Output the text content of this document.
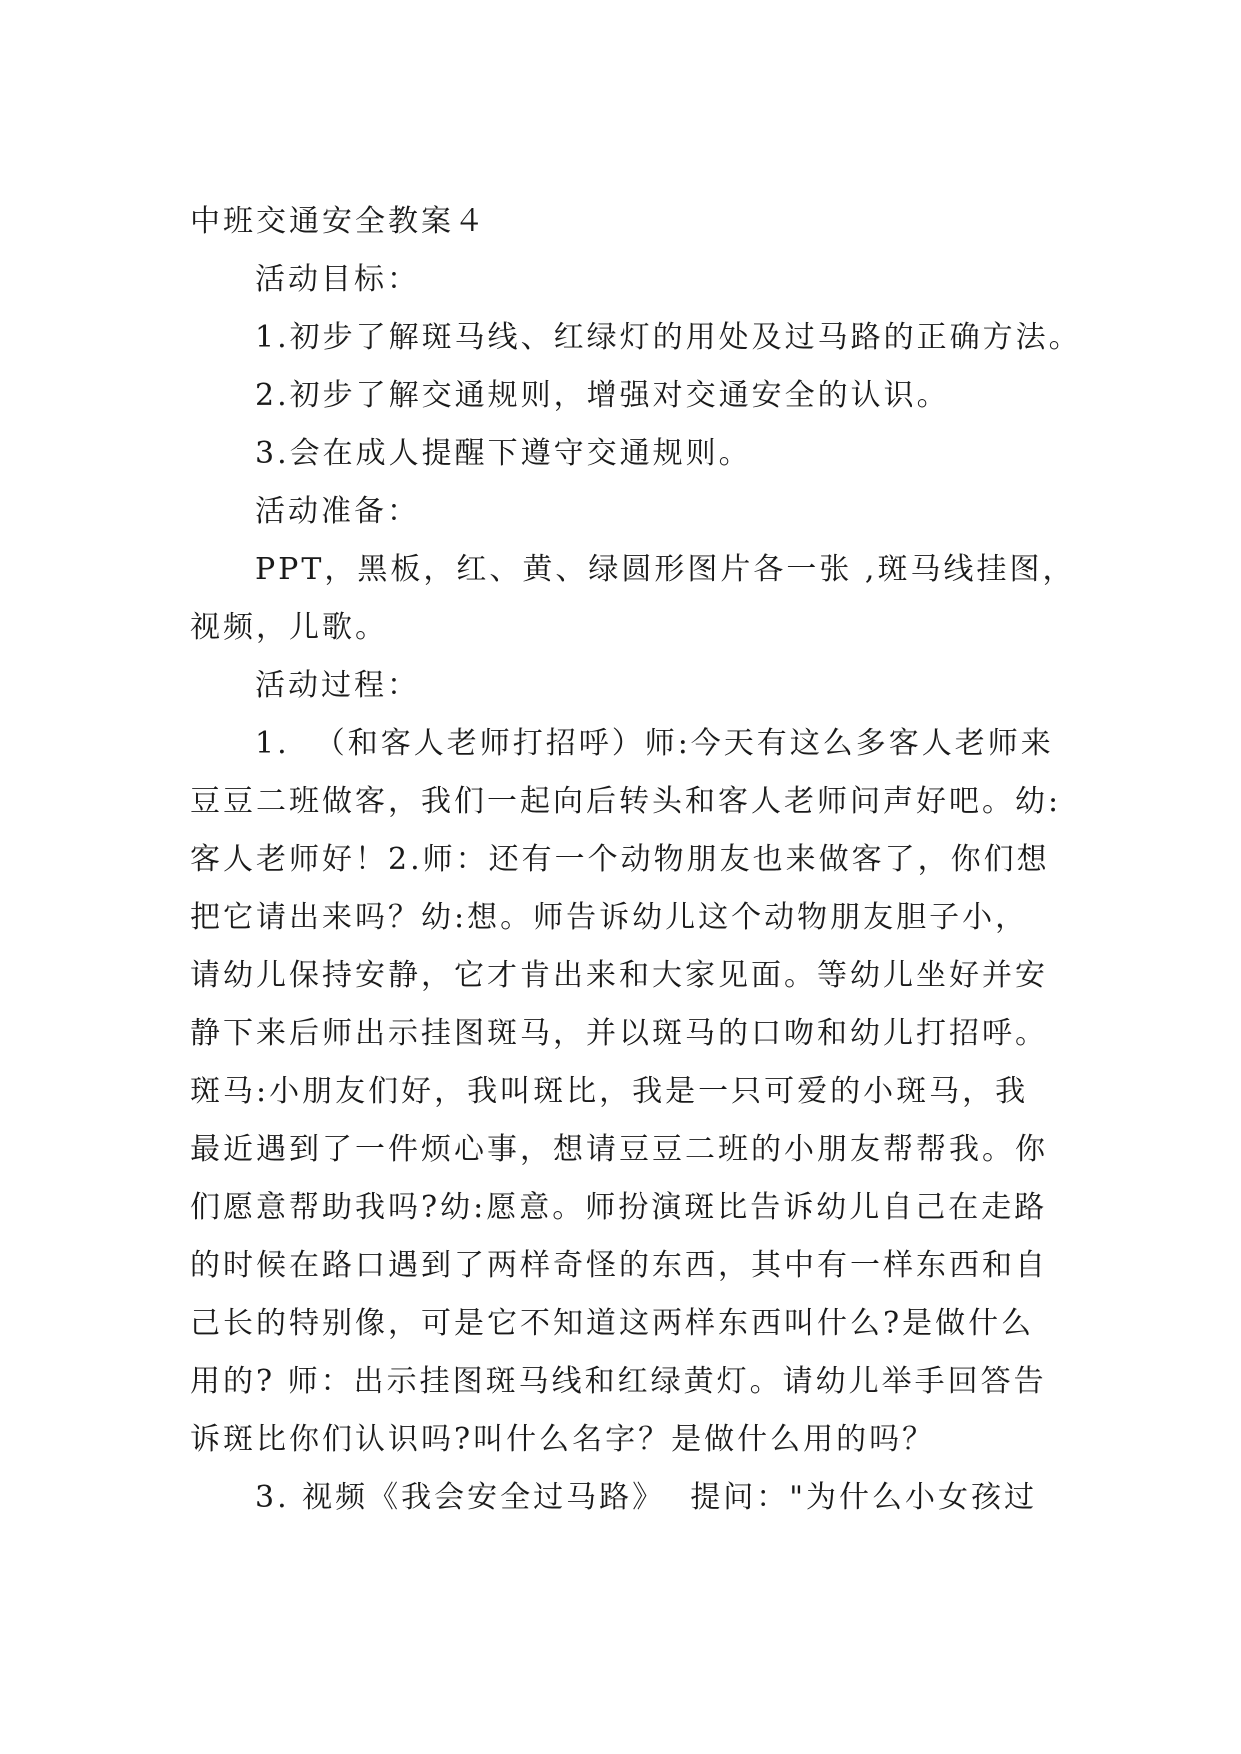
中班交通安全教案４
活动目标：
1.初步了解斑马线、红绿灯的用处及过马路的正确方法。
2.初步了解交通规则，增强对交通安全的认识。
3.会在成人提醒下遵守交通规则。
活动准备：
PPT，黑板，红、黄、绿圆形图片各一张 ,斑马线挂图，
视频，儿歌。
活动过程：
1.  （和客人老师打招呼）师:今天有这么多客人老师来
豆豆二班做客，我们一起向后转头和客人老师问声好吧。幼:
客人老师好！2.师：还有一个动物朋友也来做客了，你们想
把它请出来吗？幼:想。师告诉幼儿这个动物朋友胆子小，
请幼儿保持安静，它才肯出来和大家见面。等幼儿坐好并安
静下来后师出示挂图斑马，并以斑马的口吻和幼儿打招呼。
斑马:小朋友们好，我叫斑比，我是一只可爱的小斑马，我
最近遇到了一件烦心事，想请豆豆二班的小朋友帮帮我。你
们愿意帮助我吗?幼:愿意。师扮演斑比告诉幼儿自己在走路
的时候在路口遇到了两样奇怪的东西，其中有一样东西和自
己长的特别像，可是它不知道这两样东西叫什么?是做什么
用的? 师：出示挂图斑马线和红绿黄灯。请幼儿举手回答告
诉斑比你们认识吗?叫什么名字？是做什么用的吗？
3. 视频《我会安全过马路》  提问："为什么小女孩过
